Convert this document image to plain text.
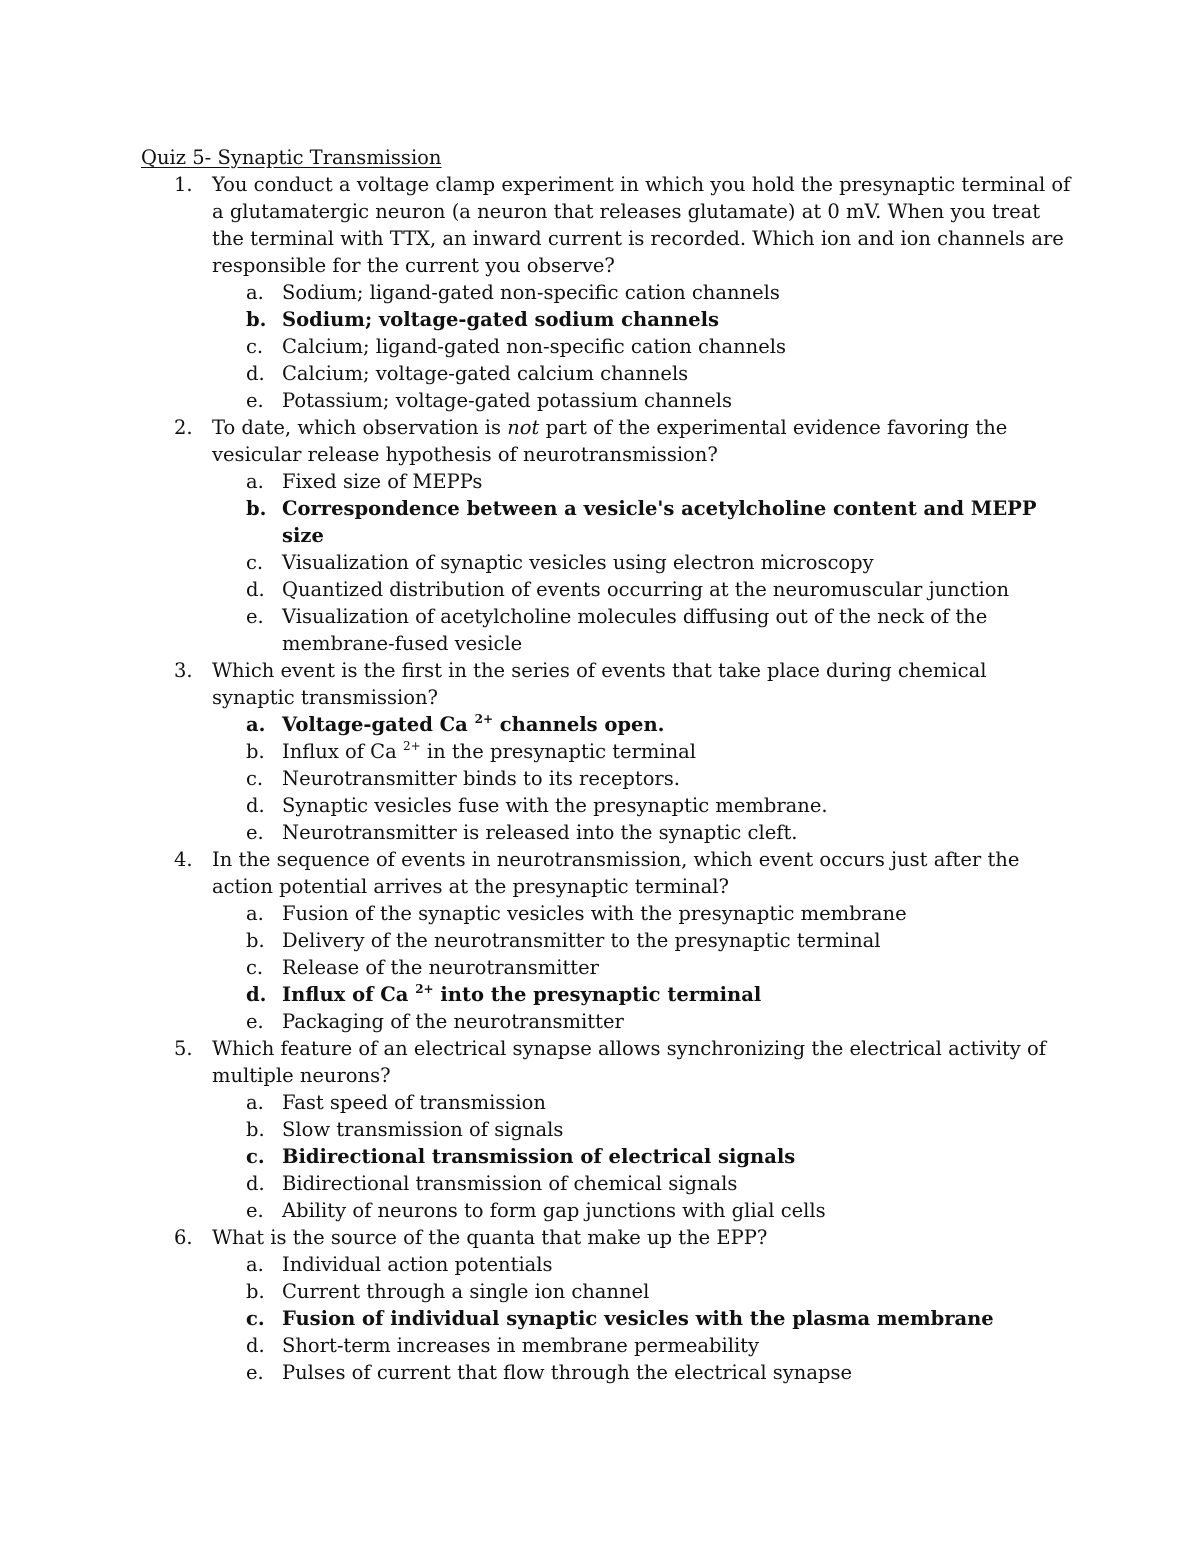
Quiz 5- Synaptic Transmission
1. You conduct a voltage clamp experiment in which you hold the presynaptic terminal of a glutamatergic neuron (a neuron that releases glutamate) at 0 mV. When you treat the terminal with TTX, an inward current is recorded. Which ion and ion channels are responsible for the current you observe?
a. Sodium; ligand-gated non-specific cation channels
b. Sodium; voltage-gated sodium channels
c. Calcium; ligand-gated non-specific cation channels
d. Calcium; voltage-gated calcium channels
e. Potassium; voltage-gated potassium channels
2. To date, which observation is not part of the experimental evidence favoring the vesicular release hypothesis of neurotransmission?
a. Fixed size of MEPPs
b. Correspondence between a vesicle's acetylcholine content and MEPP size
c. Visualization of synaptic vesicles using electron microscopy
d. Quantized distribution of events occurring at the neuromuscular junction
e. Visualization of acetylcholine molecules diffusing out of the neck of the membrane-fused vesicle
3. Which event is the first in the series of events that take place during chemical synaptic transmission?
a. Voltage-gated Ca $^{2+}$ channels open.
b. Influx of Ca $^{2+}$ in the presynaptic terminal
c. Neurotransmitter binds to its receptors.
d. Synaptic vesicles fuse with the presynaptic membrane.
e. Neurotransmitter is released into the synaptic cleft.
4. In the sequence of events in neurotransmission, which event occurs just after the action potential arrives at the presynaptic terminal?
a. Fusion of the synaptic vesicles with the presynaptic membrane
b. Delivery of the neurotransmitter to the presynaptic terminal
c. Release of the neurotransmitter
d. Influx of Ca $^{2+}$ into the presynaptic terminal
e. Packaging of the neurotransmitter
5. Which feature of an electrical synapse allows synchronizing the electrical activity of multiple neurons?
a. Fast speed of transmission
b. Slow transmission of signals
c. Bidirectional transmission of electrical signals
d. Bidirectional transmission of chemical signals
e. Ability of neurons to form gap junctions with glial cells
6. What is the source of the quanta that make up the EPP?
a. Individual action potentials
b. Current through a single ion channel
c. Fusion of individual synaptic vesicles with the plasma membrane
d. Short-term increases in membrane permeability
e. Pulses of current that flow through the electrical synapse
